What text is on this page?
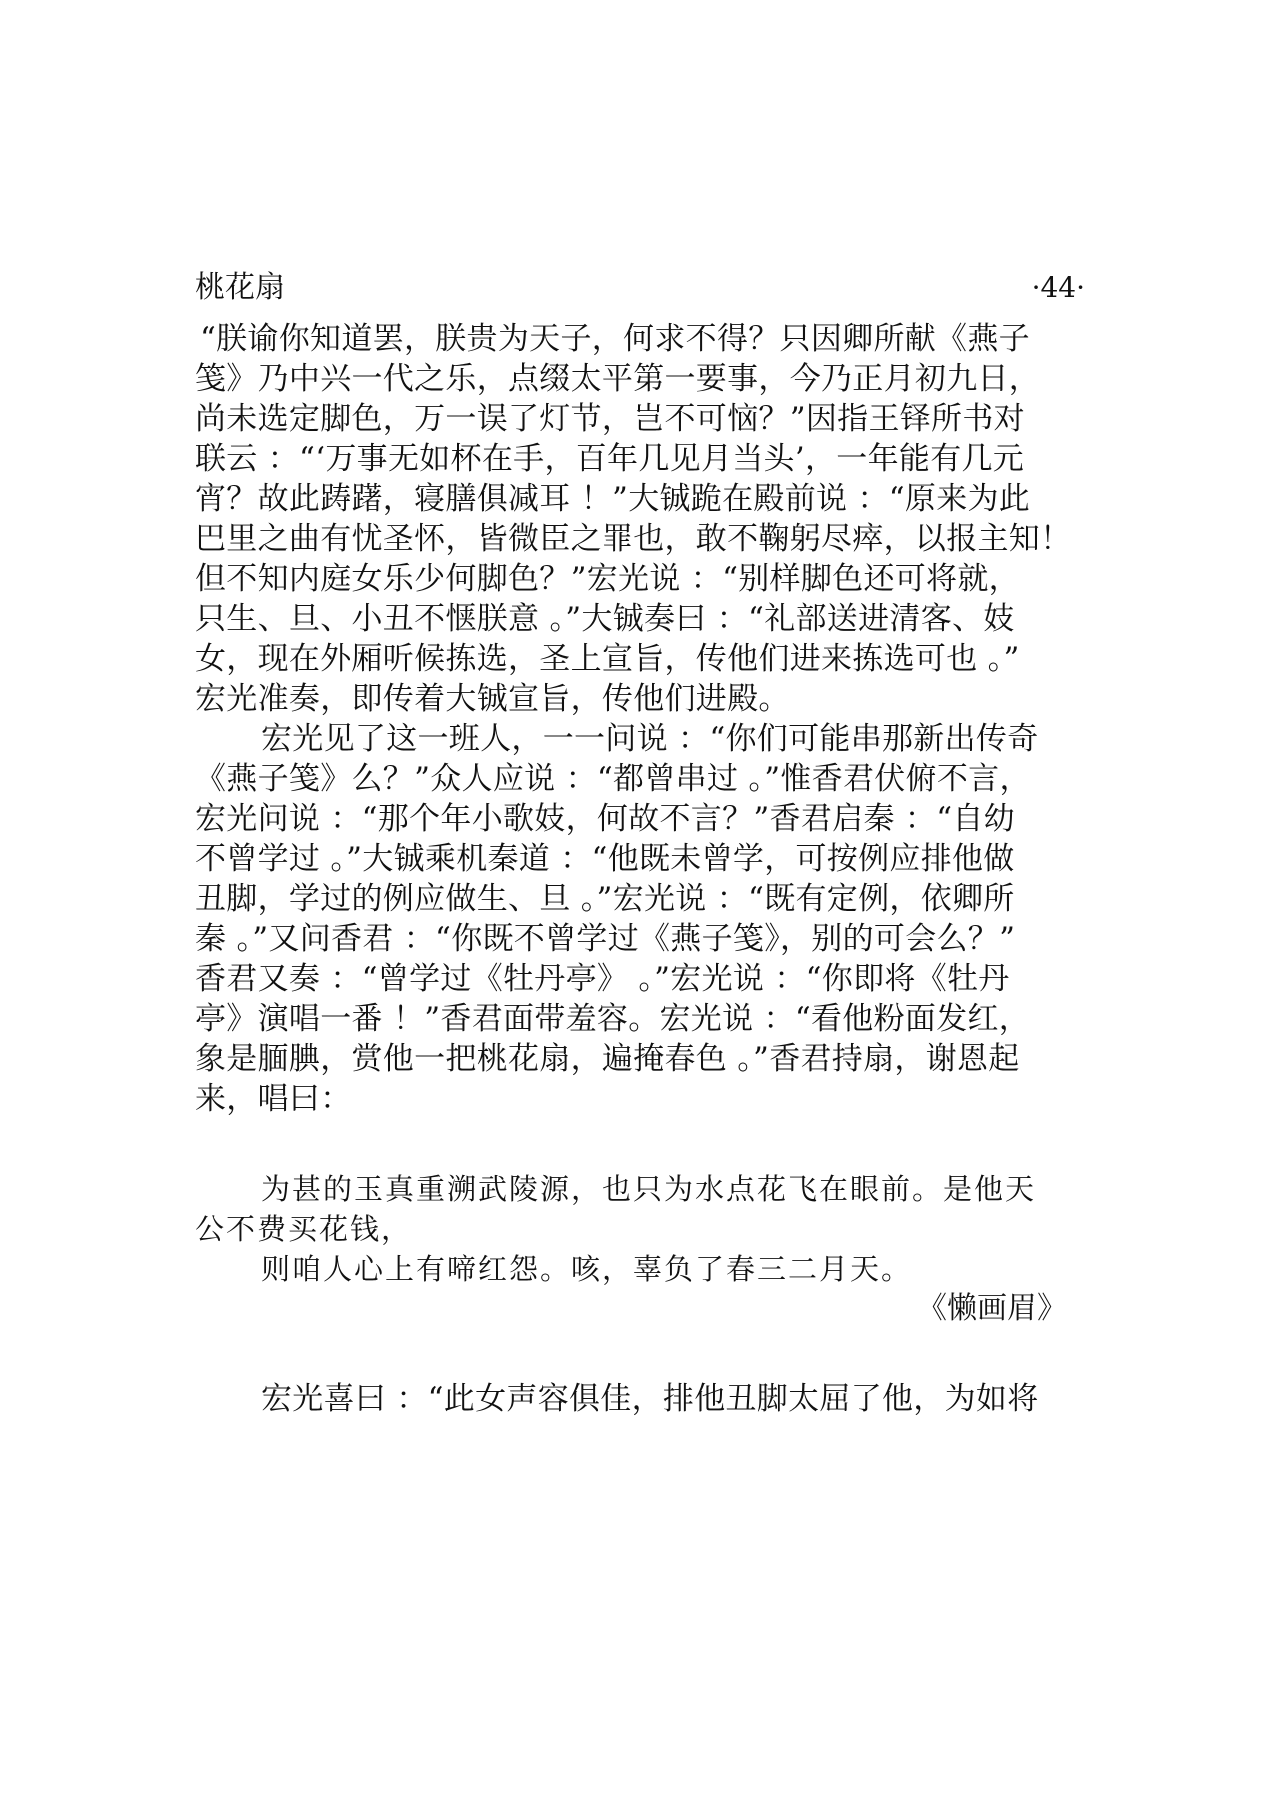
桃花扇	·44·
“朕谕你知道罢，朕贵为天子，何求不得？只因卿所献《燕子
笺》乃中兴一代之乐，点缀太平第一要事，今乃正月初九日，
尚未选定脚色，万一误了灯节，岂不可恼？”因指王铎所书对
联云 ：“‘万事无如杯在手，百年几见月当头’，一年能有几元
宵？故此踌躇，寝膳俱减耳 ！”大铖跪在殿前说 ：“原来为此
巴里之曲有忧圣怀，皆微臣之罪也，敢不鞠躬尽瘁，以报主知！
但不知内庭女乐少何脚色？”宏光说 ：“别样脚色还可将就，
只生、旦、小丑不惬朕意 。”大铖奏曰 ：“礼部送进清客、妓
女，现在外厢听候拣选，圣上宣旨，传他们进来拣选可也 。”
宏光准奏，即传着大铖宣旨，传他们进殿。
宏光见了这一班人，一一问说 ：“你们可能串那新出传奇
《燕子笺》么？”众人应说 ：“都曾串过 。”惟香君伏俯不言，
宏光问说 ：“那个年小歌妓，何故不言？”香君启秦 ：“自幼
不曾学过 。”大铖乘机秦道 ：“他既未曾学，可按例应排他做
丑脚，学过的例应做生、旦 。”宏光说 ：“既有定例，依卿所
秦 。”又问香君 ：“你既不曾学过《燕子笺》，别的可会么？”
香君又奏 ：“曾学过《牡丹亭》 。”宏光说 ：“你即将《牡丹
亭》演唱一番 ！”香君面带羞容。宏光说 ：“看他粉面发红，
象是腼腆，赏他一把桃花扇，遍掩春色 。”香君持扇，谢恩起
来，唱曰：
为甚的玉真重溯武陵源，也只为水点花飞在眼前。是他天
公不费买花钱，
则咱人心上有啼红怨。咳，辜负了春三二月天。
《懒画眉》
宏光喜曰 ：“此女声容俱佳，排他丑脚太屈了他，为如将
